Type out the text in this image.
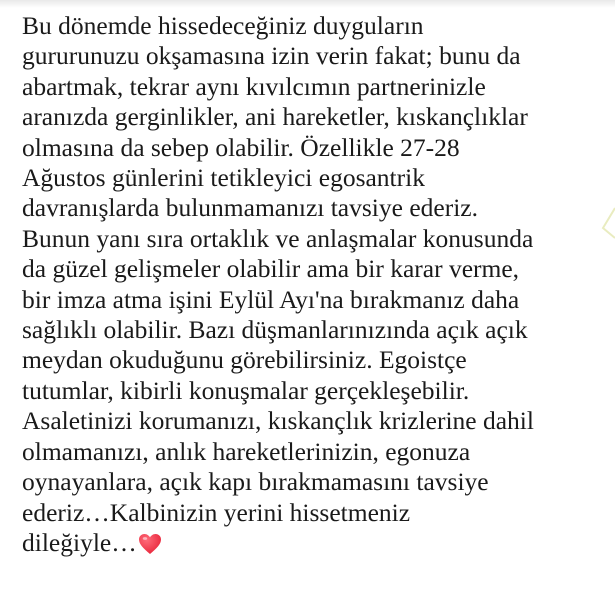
Bu dönemde hissedeceğiniz duyguların
gururunuzu okşamasına izin verin fakat; bunu da
abartmak, tekrar aynı kıvılcımın partnerinizle
aranızda gerginlikler, ani hareketler, kıskançlıklar
olmasına da sebep olabilir. Özellikle 27-28
Ağustos günlerini tetikleyici egosantrik
davranışlarda bulunmamanızı tavsiye ederiz.
Bunun yanı sıra ortaklık ve anlaşmalar konusunda
da güzel gelişmeler olabilir ama bir karar verme,
bir imza atma işini Eylül Ayı'na bırakmanız daha
sağlıklı olabilir. Bazı düşmanlarınızında açık açık
meydan okuduğunu görebilirsiniz. Egoistçe
tutumlar, kibirli konuşmalar gerçekleşebilir.
Asaletinizi korumanızı, kıskançlık krizlerine dahil
olmamanızı, anlık hareketlerinizin, egonuza
oynayanlara, açık kapı bırakmamasını tavsiye
ederiz…Kalbinizin yerini hissetmeniz
dileğiyle…
